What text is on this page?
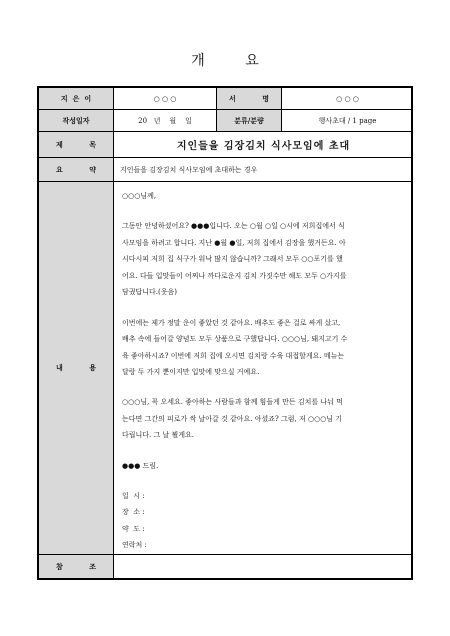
개 요
지은이	○ ○ ○	서 명	○ ○ ○
작성일자	20   년    월    일	분류/분량	행사초대 / 1 page
제 목	지인들을 김장김치 식사모임에 초대
요 약	지인들을 김장김치 식사모임에 초대하는 경우
내 용

○○○님께,

그동안 안녕하셨어요? ●●●입니다. 오는 ○월 ○일 ○시에 저희집에서 식

사모임을 하려고 합니다. 지난 ●월 ●일, 저희 집에서 김장을 했거든요. 아

시다시피 저희 집 식구가 워낙 많지 않습니까? 그래서 모두 ○○포기를 했

어요. 다들 입맛들이 어찌나 까다로운지 김치 가짓수만 해도 모두 ○가지를

담궜답니다.(웃음)

이번에는 제가 정말 운이 좋았던 것 같아요. 배추도 좋은 걸로 싸게 샀고,

배추 속에 들어갈 양념도 모두 상품으로 구했답니다. ○○○님, 돼지고기 수

육 좋아하시죠? 이번에 저희 집에 오시면 김치랑 수육 대접할게요. 메뉴는

달랑 두 가지 뿐이지만 입맛에 맞으실 거예요.

○○○님, 꼭 오세요. 좋아하는 사람들과 함께 힘들게 만든 김치를 나눠 먹

는다면 그간의 피로가 싹 날아갈 것 같아요. 아셨죠? 그럼, 저 ○○○님 기

다립니다. 그 날 뵐게요.

●●● 드림.

일  시 :

장  소 :

약  도 :

연락처 :

참 조
